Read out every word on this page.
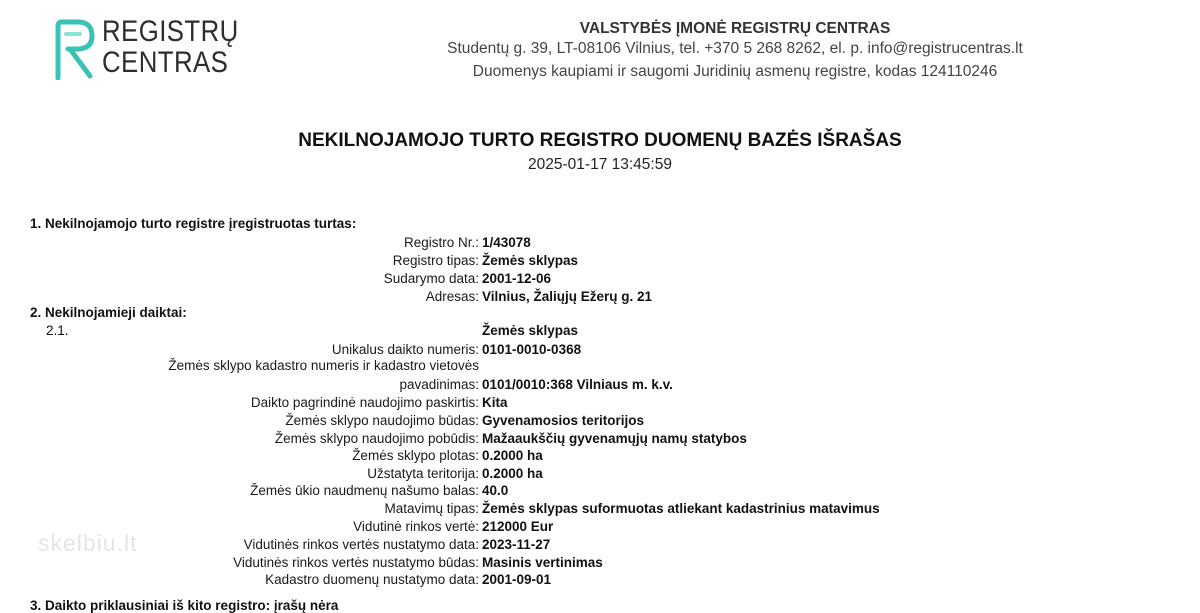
REGISTRŲ
CENTRAS
VALSTYBĖS ĮMONĖ REGISTRŲ CENTRAS
Studentų g. 39, LT-08106 Vilnius, tel. +370 5 268 8262, el. p. info@registrucentras.lt
Duomenys kaupiami ir saugomi Juridinių asmenų registre, kodas 124110246
NEKILNOJAMOJO TURTO REGISTRO DUOMENŲ BAZĖS IŠRAŠAS
2025-01-17 13:45:59
1. Nekilnojamojo turto registre įregistruotas turtas:
Registro Nr.: 1/43078
Registro tipas: Žemės sklypas
Sudarymo data: 2001-12-06
Adresas: Vilnius, Žaliųjų Ežerų g. 21
2. Nekilnojamieji daiktai:
2.1.	Žemės sklypas
Unikalus daikto numeris: 0101-0010-0368
Žemės sklypo kadastro numeris ir kadastro vietovės
pavadinimas: 0101/0010:368 Vilniaus m. k.v.
Daikto pagrindinė naudojimo paskirtis: Kita
Žemės sklypo naudojimo būdas: Gyvenamosios teritorijos
Žemės sklypo naudojimo pobūdis: Mažaaukščių gyvenamųjų namų statybos
Žemės sklypo plotas: 0.2000 ha
Užstatyta teritorija: 0.2000 ha
Žemės ūkio naudmenų našumo balas: 40.0
Matavimų tipas: Žemės sklypas suformuotas atliekant kadastrinius matavimus
Vidutinė rinkos vertė: 212000 Eur
Vidutinės rinkos vertės nustatymo data: 2023-11-27
Vidutinės rinkos vertės nustatymo būdas: Masinis vertinimas
Kadastro duomenų nustatymo data: 2001-09-01
skelbiu.lt
3. Daikto priklausiniai iš kito registro: įrašų nėra
